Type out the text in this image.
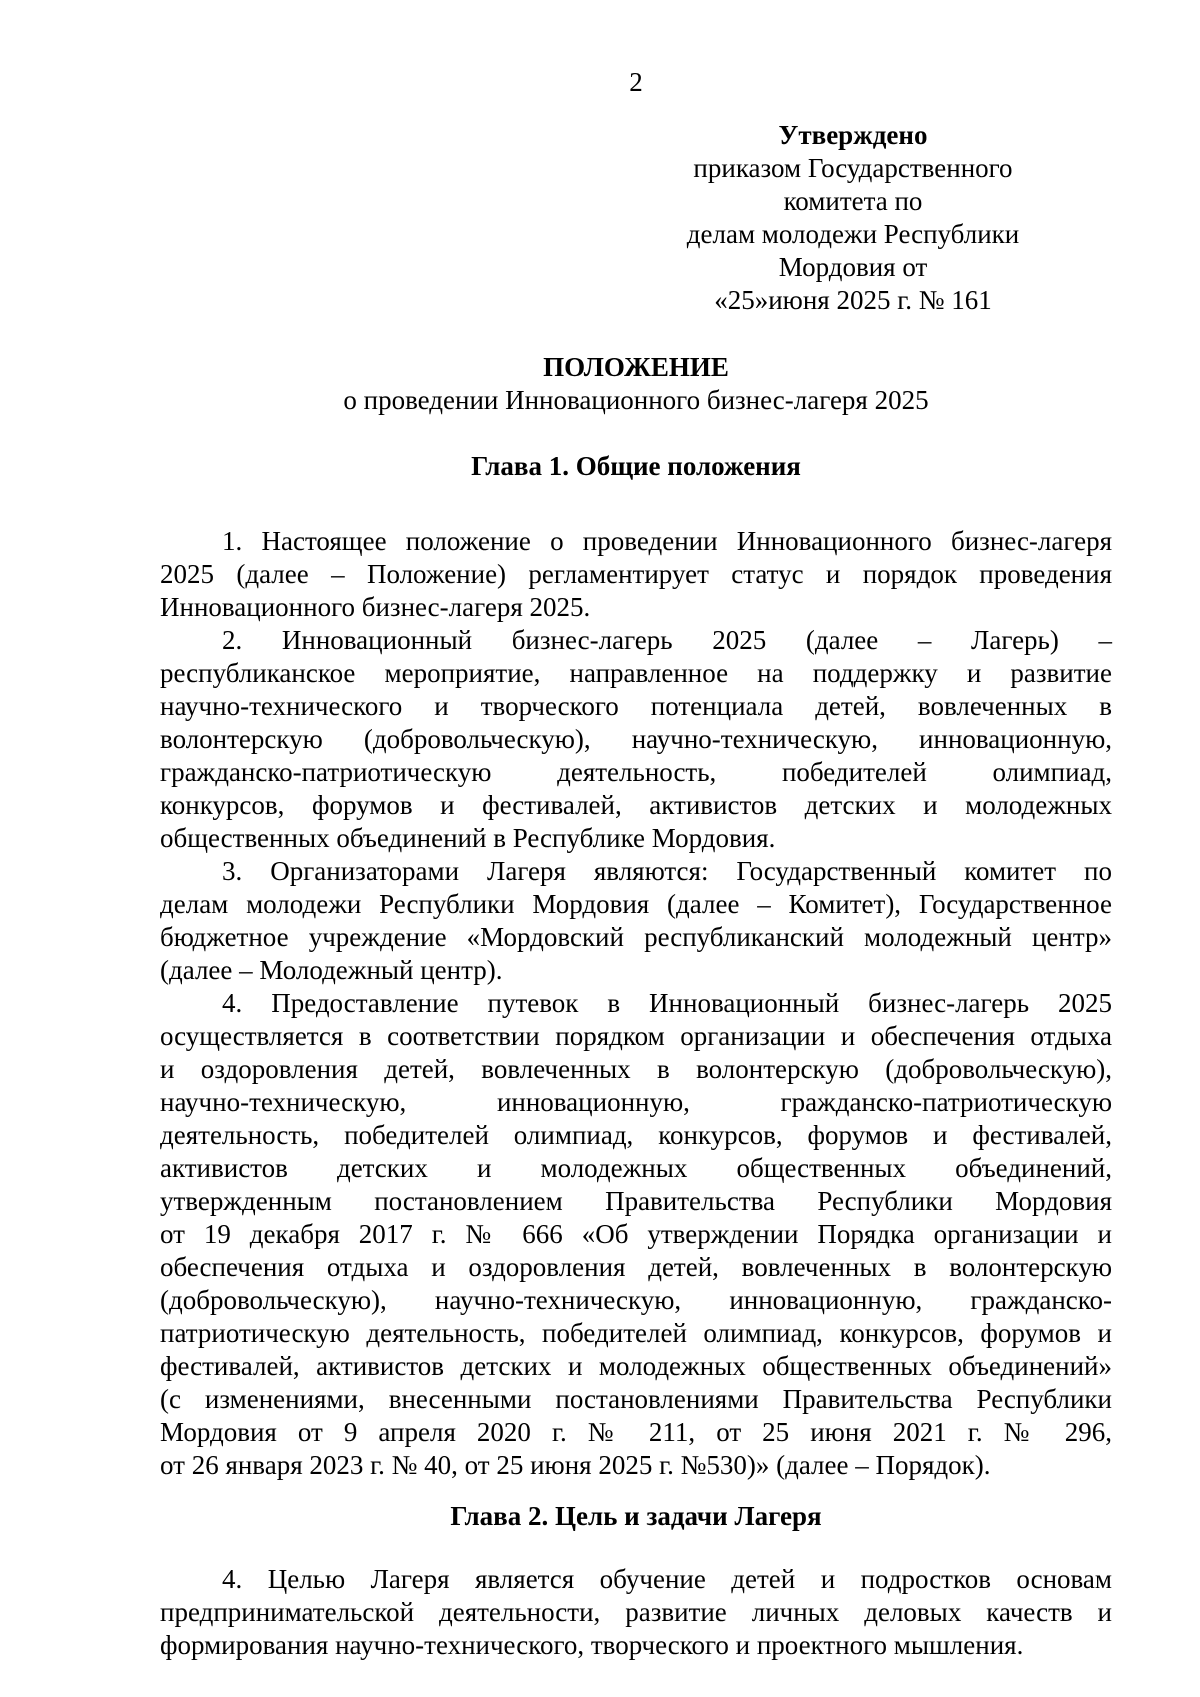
2
Утверждено
приказом Государственного комитета по
делам молодежи Республики Мордовия от
«25»июня 2025 г. № 161
ПОЛОЖЕНИЕ
о проведении Инновационного бизнес-лагеря 2025
Глава 1. Общие положения
1. Настоящее положение о проведении Инновационного бизнес-лагеря
2025 (далее – Положение) регламентирует статус и порядок проведения
Инновационного бизнес-лагеря 2025.
2. Инновационный бизнес-лагерь 2025 (далее – Лагерь) –
республиканское мероприятие, направленное на поддержку и развитие
научно-технического и творческого потенциала детей, вовлеченных в
волонтерскую (добровольческую), научно-техническую, инновационную,
гражданско-патриотическую деятельность, победителей олимпиад,
конкурсов, форумов и фестивалей, активистов детских и молодежных
общественных объединений в Республике Мордовия.
3. Организаторами Лагеря являются: Государственный комитет по
делам молодежи Республики Мордовия (далее – Комитет), Государственное
бюджетное учреждение «Мордовский республиканский молодежный центр»
(далее – Молодежный центр).
4. Предоставление путевок в Инновационный бизнес-лагерь 2025
осуществляется в соответствии порядком организации и обеспечения отдыха
и оздоровления детей, вовлеченных в волонтерскую (добровольческую),
научно-техническую, инновационную, гражданско-патриотическую
деятельность, победителей олимпиад, конкурсов, форумов и фестивалей,
активистов детских и молодежных общественных объединений,
утвержденным постановлением Правительства Республики Мордовия
от 19 декабря 2017 г. № 666 «Об утверждении Порядка организации и
обеспечения отдыха и оздоровления детей, вовлеченных в волонтерскую
(добровольческую), научно-техническую, инновационную, гражданско-
патриотическую деятельность, победителей олимпиад, конкурсов, форумов и
фестивалей, активистов детских и молодежных общественных объединений»
(с изменениями, внесенными постановлениями Правительства Республики
Мордовия от 9 апреля 2020 г. № 211, от 25 июня 2021 г. № 296,
от 26 января 2023 г. № 40, от 25 июня 2025 г. №530)» (далее – Порядок).
Глава 2. Цель и задачи Лагеря
4. Целью Лагеря является обучение детей и подростков основам
предпринимательской деятельности, развитие личных деловых качеств и
формирования научно-технического, творческого и проектного мышления.
